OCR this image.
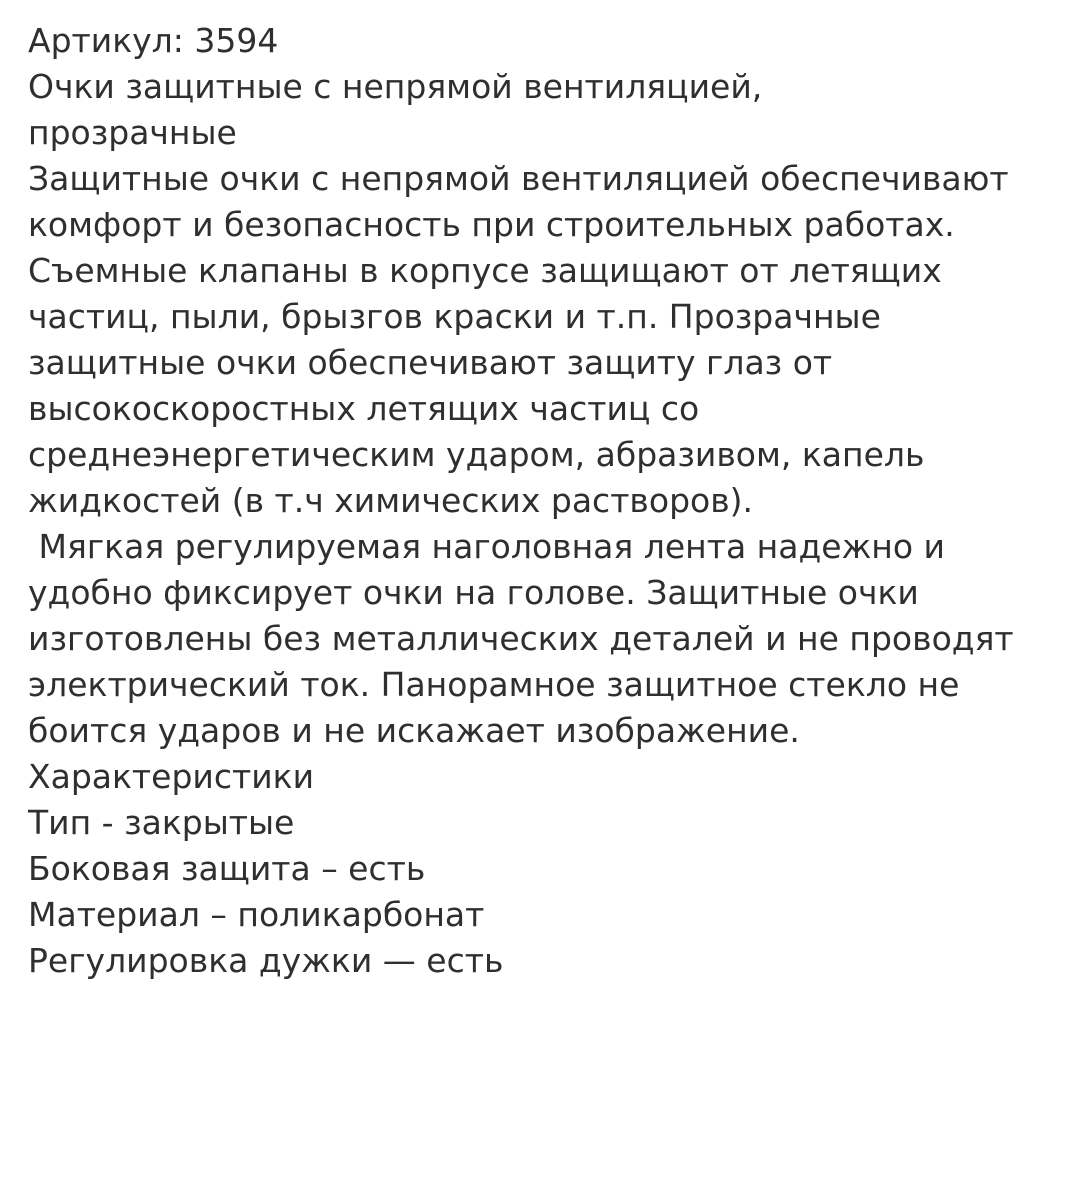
Артикул: 3594
Очки защитные с непрямой вентиляцией, прозрачные
Защитные очки с непрямой вентиляцией обеспечивают комфорт и безопасность при строительных работах. Съемные клапаны в корпусе защищают от летящих частиц, пыли, брызгов краски и т.п. Прозрачные защитные очки обеспечивают защиту глаз от высокоскоростных летящих частиц со среднеэнергетическим ударом, абразивом, капель жидкостей (в т.ч химических растворов).
Мягкая регулируемая наголовная лента надежно и удобно фиксирует очки на голове. Защитные очки изготовлены без металлических деталей и не проводят электрический ток. Панорамное защитное стекло не боится ударов и не искажает изображение.
Характеристики
Тип - закрытые
Боковая защита – есть
Материал – поликарбонат
Регулировка дужки — есть
